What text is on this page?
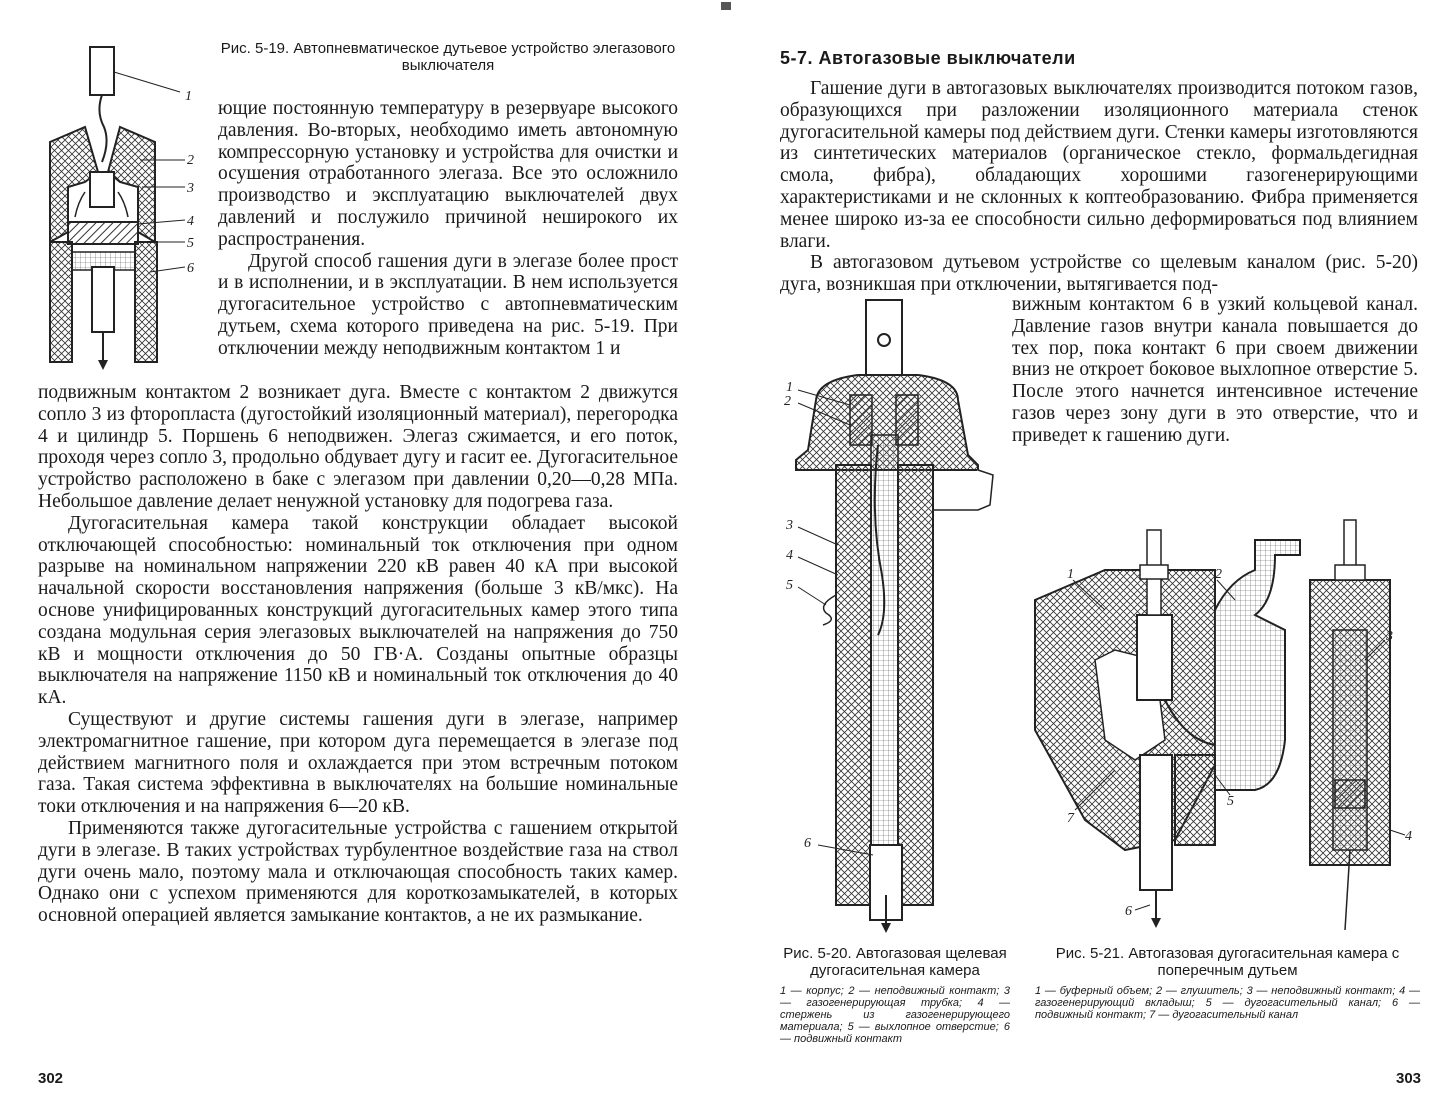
Рис. 5-19. Автопневматическое дутьевое устройство элегазового выключателя
1
2
3
4
5
6

ющие постоянную температуру в резервуаре высокого давления. Во-вторых, необходимо иметь автономную компрессорную установку и устройства для очистки и осушения отработанного элегаза. Все это осложнило производство и эксплуатацию выключателей двух давлений и послужило причиной неширокого их распространения.

Другой способ гашения дуги в элегазе более прост и в исполнении, и в эксплуатации. В нем используется дугогасительное устройство с автопневматическим дутьем, схема которого приведена на рис. 5-19. При отключении между неподвижным контактом 1 и

подвижным контактом 2 возникает дуга. Вместе с контактом 2 движутся сопло 3 из фторопласта (дугостойкий изоляционный материал), перегородка 4 и цилиндр 5. Поршень 6 неподвижен. Элегаз сжимается, и его поток, проходя через сопло 3, продольно обдувает дугу и гасит ее. Дугогасительное устройство расположено в баке с элегазом при давлении 0,20—0,28 МПа. Небольшое давление делает ненужной установку для подогрева газа.

Дугогасительная камера такой конструкции обладает высокой отключающей способностью: номинальный ток отключения при одном разрыве на номинальном напряжении 220 кВ равен 40 кА при высокой начальной скорости восстановления напряжения (больше 3 кВ/мкс). На основе унифицированных конструкций дугогасительных камер этого типа создана модульная серия элегазовых выключателей на напряжения до 750 кВ и мощности отключения до 50 ГВ·А. Созданы опытные образцы выключателя на напряжение 1150 кВ и номинальный ток отключения до 40 кА.

Существуют и другие системы гашения дуги в элегазе, например электромагнитное гашение, при котором дуга перемещается в элегазе под действием магнитного поля и охлаждается при этом встречным потоком газа. Такая система эффективна в выключателях на большие номинальные токи отключения и на напряжения 6—20 кВ.

Применяются также дугогасительные устройства с гашением открытой дуги в элегазе. В таких устройствах турбулентное воздействие газа на ствол дуги очень мало, поэтому мала и отключающая способность таких камер. Однако они с успехом применяются для короткозамыкателей, в которых основной операцией является замыкание контактов, а не их размыкание.

302
5-7. Автогазовые выключатели

Гашение дуги в автогазовых выключателях производится потоком газов, образующихся при разложении изоляционного материала стенок дугогасительной камеры под действием дуги. Стенки камеры изготовляются из синтетических материалов (органическое стекло, формальдегидная смола, фибра), обладающих хорошими газогенерирующими характеристиками и не склонных к коптеобразованию. Фибра применяется менее широко из-за ее способности сильно деформироваться под влиянием влаги.

В автогазовом дутьевом устройстве со щелевым каналом (рис. 5-20) дуга, возникшая при отключении, вытягивается под-

вижным контактом 6 в узкий кольцевой канал. Давление газов внутри канала повышается до тех пор, пока контакт 6 при своем движении вниз не откроет боковое выхлопное отверстие 5. После этого начнется интенсивное истечение газов через зону дуги в это отверстие, что и приведет к гашению дуги.

1
2
3
4
5
6
1	2
3
4
5
6
7
Рис. 5-20. Автогазовая щелевая дугогасительная камера
1 — корпус; 2 — неподвижный контакт; 3 — газогенерирующая трубка; 4 — стержень из газогенерирующего материала; 5 — выхлопное отверстие; 6 — подвижный контакт
Рис. 5-21. Автогазовая дугогасительная камера с поперечным дутьем
1 — буферный объем; 2 — глушитель; 3 — неподвижный контакт; 4 — газогенерирующий вкладыш; 5 — дугогасительный канал; 6 — подвижный контакт; 7 — дугогасительный канал
303
